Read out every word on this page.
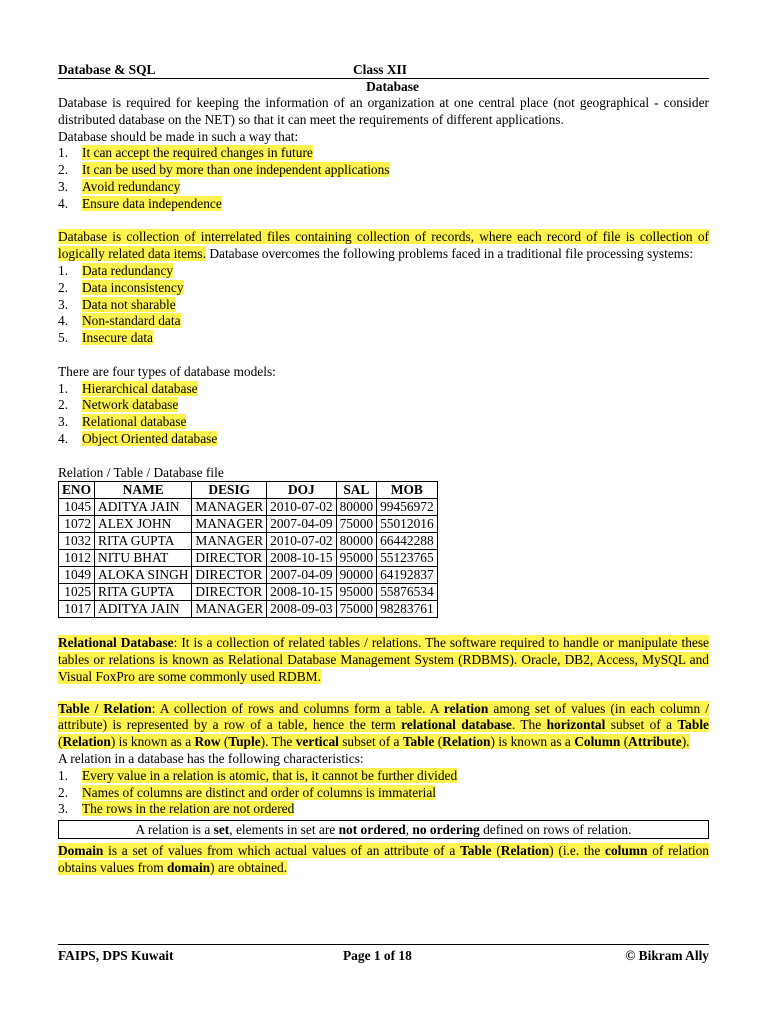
Database & SQL	Class XII

Database

Database is required for keeping the information of an organization at one central place (not geographical - consider distributed database on the NET) so that it can meet the requirements of different applications.

Database should be made in such a way that:

1. It can accept the required changes in future
2. It can be used by more than one independent applications
3. Avoid redundancy
4. Ensure data independence

Database is collection of interrelated files containing collection of records, where each record of file is collection of logically related data items. Database overcomes the following problems faced in a traditional file processing systems:

1. Data redundancy
2. Data inconsistency
3. Data not sharable
4. Non-standard data
5. Insecure data

There are four types of database models:

1. Hierarchical database
2. Network database
3. Relational database
4. Object Oriented database

Relation / Table / Database file

ENO	NAME	DESIG	DOJ	SAL	MOB
1045	ADITYA JAIN	MANAGER	2010-07-02	80000	99456972
1072	ALEX JOHN	MANAGER	2007-04-09	75000	55012016
1032	RITA GUPTA	MANAGER	2010-07-02	80000	66442288
1012	NITU BHAT	DIRECTOR	2008-10-15	95000	55123765
1049	ALOKA SINGH	DIRECTOR	2007-04-09	90000	64192837
1025	RITA GUPTA	DIRECTOR	2008-10-15	95000	55876534
1017	ADITYA JAIN	MANAGER	2008-09-03	75000	98283761

Relational Database: It is a collection of related tables / relations. The software required to handle or manipulate these tables or relations is known as Relational Database Management System (RDBMS). Oracle, DB2, Access, MySQL and Visual FoxPro are some commonly used RDBM.

Table / Relation: A collection of rows and columns form a table. A relation among set of values (in each column / attribute) is represented by a row of a table, hence the term relational database. The horizontal subset of a Table (Relation) is known as a Row (Tuple). The vertical subset of a Table (Relation) is known as a Column (Attribute).

A relation in a database has the following characteristics:

1. Every value in a relation is atomic, that is, it cannot be further divided
2. Names of columns are distinct and order of columns is immaterial
3. The rows in the relation are not ordered
A relation is a set, elements in set are not ordered, no ordering defined on rows of relation.

Domain is a set of values from which actual values of an attribute of a Table (Relation) (i.e. the column of relation obtains values from domain) are obtained.

FAIPS, DPS Kuwait	Page 1 of 18	© Bikram Ally
